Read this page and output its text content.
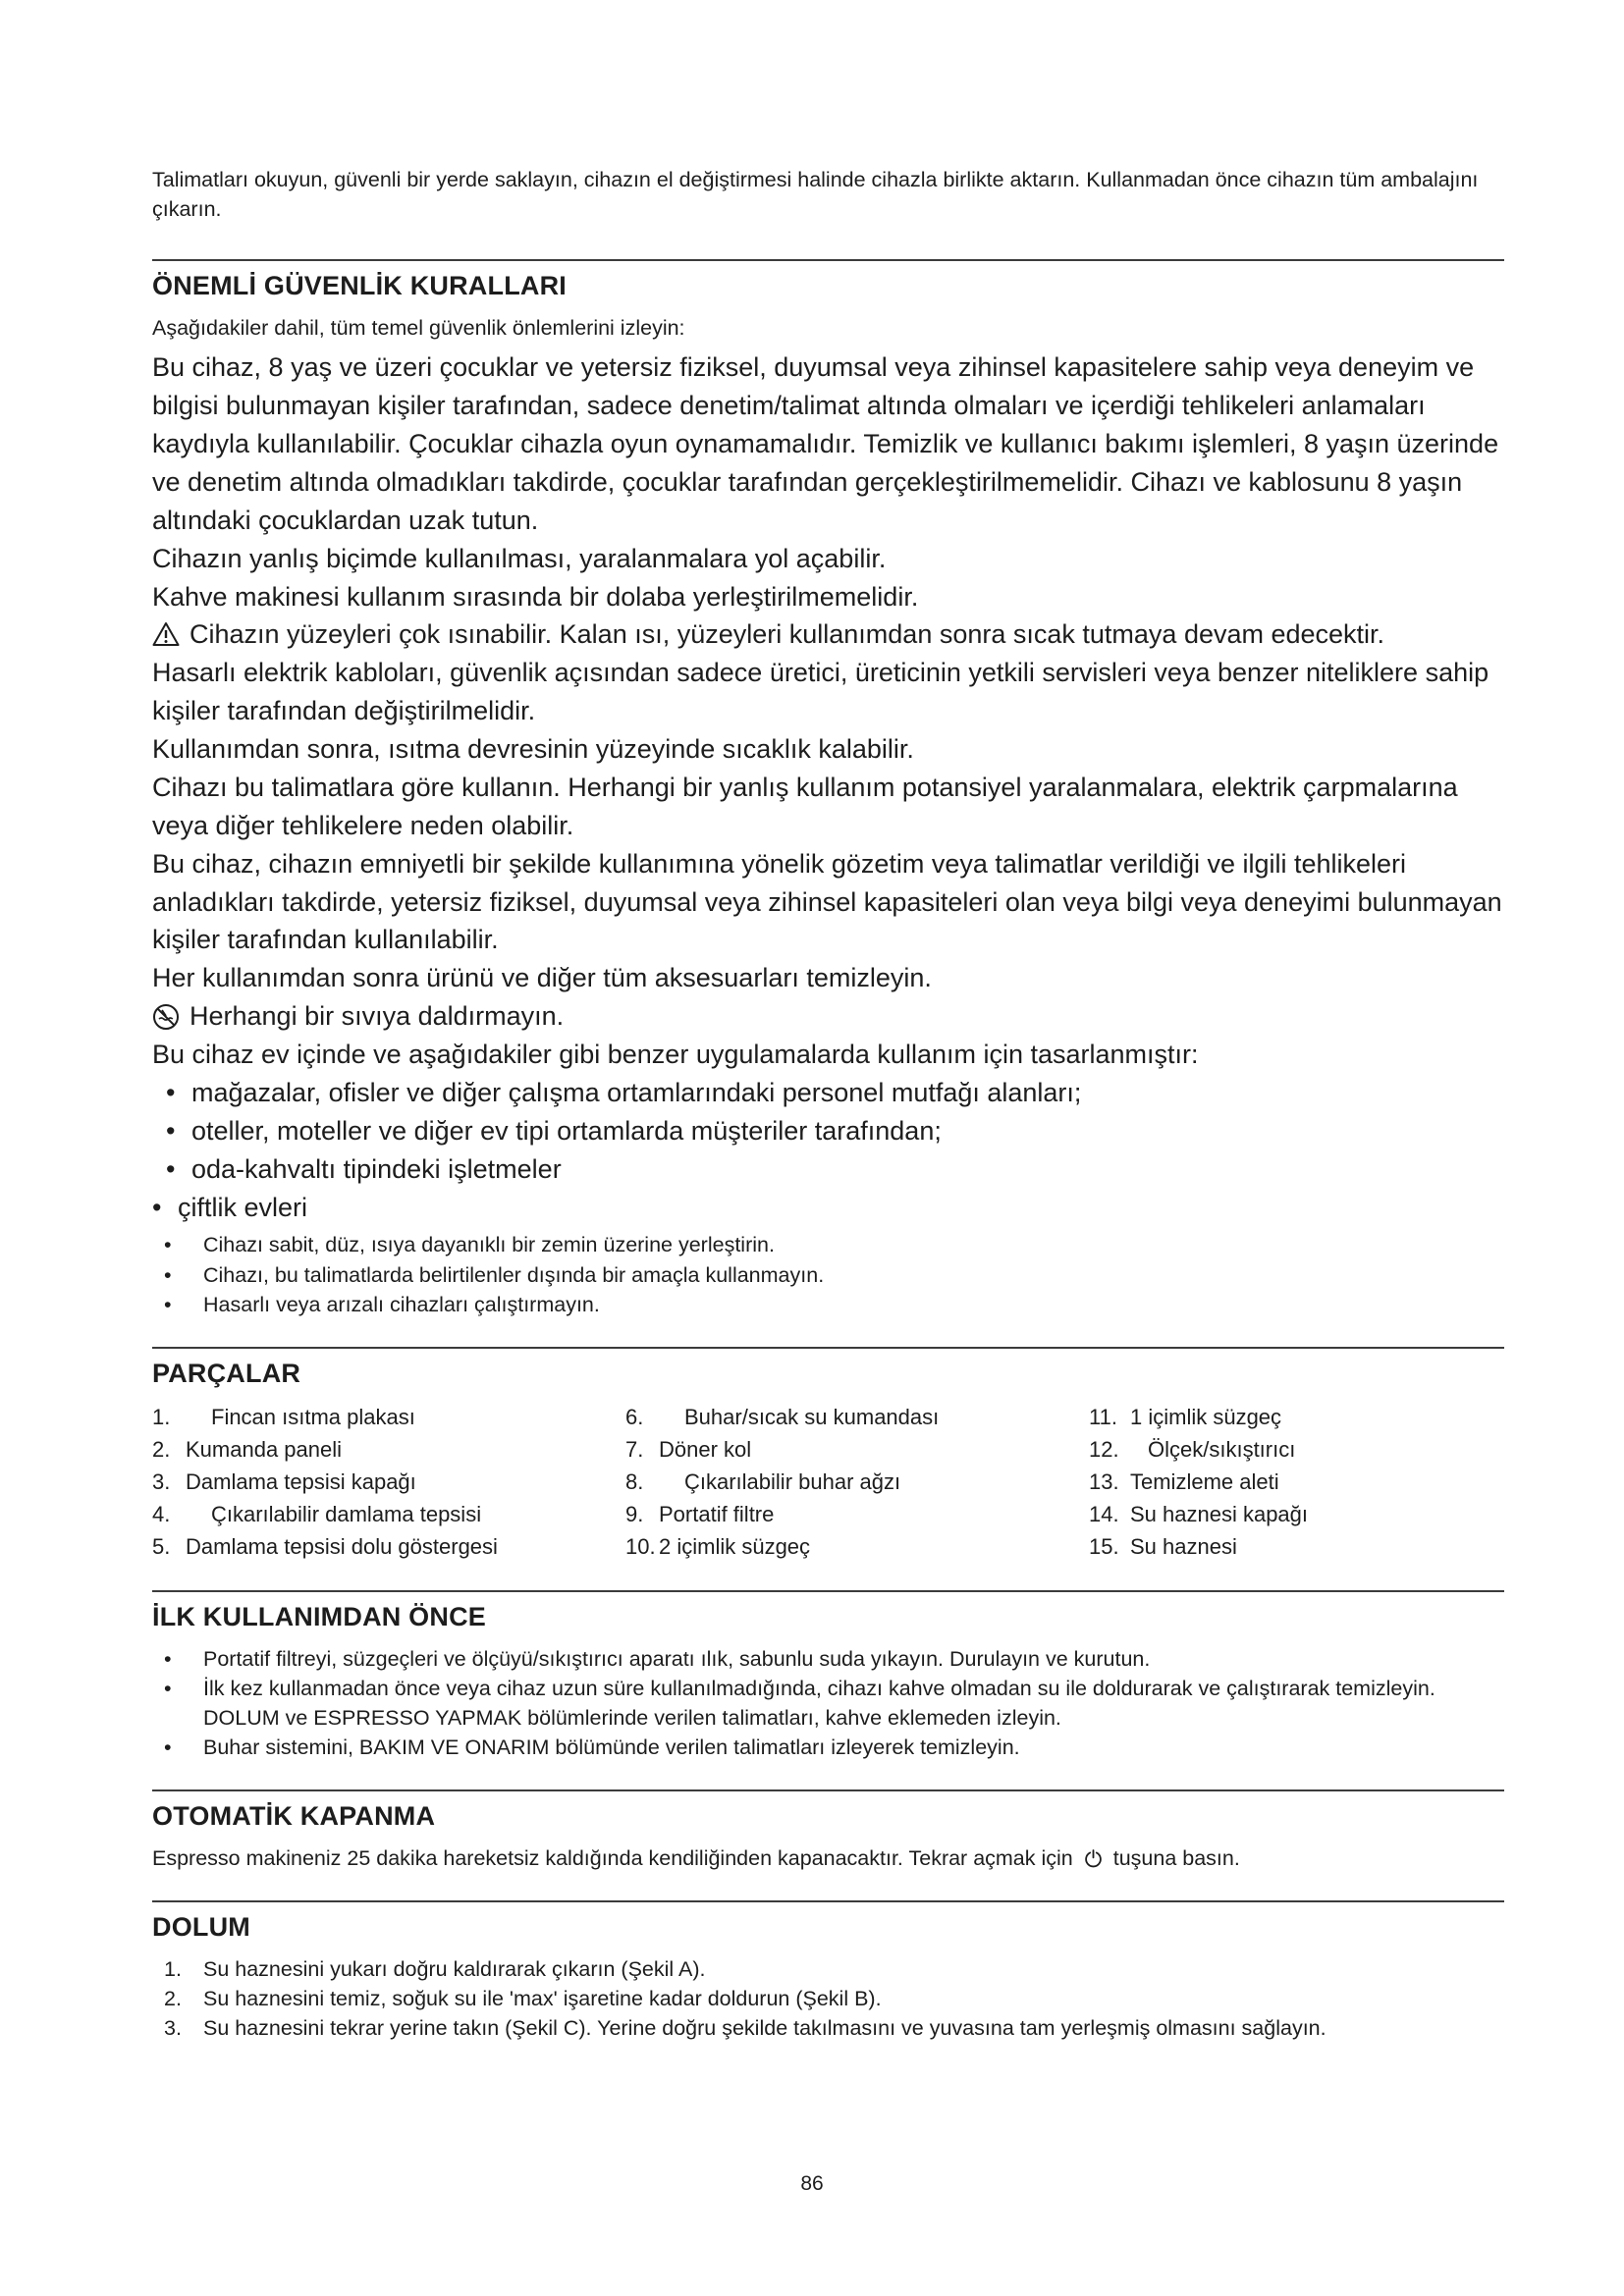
Talimatları okuyun, güvenli bir yerde saklayın, cihazın el değiştirmesi halinde cihazla birlikte aktarın. Kullanmadan önce cihazın tüm ambalajını çıkarın.

ÖNEMLİ GÜVENLİK KURALLARI

Aşağıdakiler dahil, tüm temel güvenlik önlemlerini izleyin:

Bu cihaz, 8 yaş ve üzeri çocuklar ve yetersiz fiziksel, duyumsal veya zihinsel kapasitelere sahip veya deneyim ve bilgisi bulunmayan kişiler tarafından, sadece denetim/talimat altında olmaları ve içerdiği tehlikeleri anlamaları kaydıyla kullanılabilir. Çocuklar cihazla oyun oynamamalıdır. Temizlik ve kullanıcı bakımı işlemleri, 8 yaşın üzerinde ve denetim altında olmadıkları takdirde, çocuklar tarafından gerçekleştirilmemelidir. Cihazı ve kablosunu 8 yaşın altındaki çocuklardan uzak tutun.

Cihazın yanlış biçimde kullanılması, yaralanmalara yol açabilir.

Kahve makinesi kullanım sırasında bir dolaba yerleştirilmemelidir.

Cihazın yüzeyleri çok ısınabilir. Kalan ısı, yüzeyleri kullanımdan sonra sıcak tutmaya devam edecektir.

Hasarlı elektrik kabloları, güvenlik açısından sadece üretici, üreticinin yetkili servisleri veya benzer niteliklere sahip kişiler tarafından değiştirilmelidir.

Kullanımdan sonra, ısıtma devresinin yüzeyinde sıcaklık kalabilir.

Cihazı bu talimatlara göre kullanın. Herhangi bir yanlış kullanım potansiyel yaralanmalara, elektrik çarpmalarına veya diğer tehlikelere neden olabilir.

Bu cihaz, cihazın emniyetli bir şekilde kullanımına yönelik gözetim veya talimatlar verildiği ve ilgili tehlikeleri anladıkları takdirde, yetersiz fiziksel, duyumsal veya zihinsel kapasiteleri olan veya bilgi veya deneyimi bulunmayan kişiler tarafından kullanılabilir.

Her kullanımdan sonra ürünü ve diğer tüm aksesuarları temizleyin.

Herhangi bir sıvıya daldırmayın.

Bu cihaz ev içinde ve aşağıdakiler gibi benzer uygulamalarda kullanım için tasarlanmıştır:

• mağazalar, ofisler ve diğer çalışma ortamlarındaki personel mutfağı alanları;
• oteller, moteller ve diğer ev tipi ortamlarda müşteriler tarafından;
• oda-kahvaltı tipindeki işletmeler
• çiftlik evleri
•	Cihazı sabit, düz, ısıya dayanıklı bir zemin üzerine yerleştirin.
•	Cihazı, bu talimatlarda belirtilenler dışında bir amaçla kullanmayın.
•	Hasarlı veya arızalı cihazları çalıştırmayın.
PARÇALAR
1.	Fincan ısıtma plakası
2. Kumanda paneli
3. Damlama tepsisi kapağı
4.	Çıkarılabilir damlama tepsisi
5. Damlama tepsisi dolu göstergesi
6.	Buhar/sıcak su kumandası
7. Döner kol
8.	Çıkarılabilir buhar ağzı
9. Portatif filtre
10. 2 içimlik süzgeç
11. 1 içimlik süzgeç
12.	Ölçek/sıkıştırıcı
13. Temizleme aleti
14. Su haznesi kapağı
15. Su haznesi
İLK KULLANIMDAN ÖNCE
•	Portatif filtreyi, süzgeçleri ve ölçüyü/sıkıştırıcı aparatı ılık, sabunlu suda yıkayın. Durulayın ve kurutun.
•	İlk kez kullanmadan önce veya cihaz uzun süre kullanılmadığında, cihazı kahve olmadan su ile doldurarak ve çalıştırarak temizleyin. DOLUM ve ESPRESSO YAPMAK bölümlerinde verilen talimatları, kahve eklemeden izleyin.
•	Buhar sistemini, BAKIM VE ONARIM bölümünde verilen talimatları izleyerek temizleyin.
OTOMATİK KAPANMA

Espresso makineniz 25 dakika hareketsiz kaldığında kendiliğinden kapanacaktır. Tekrar açmak için tuşuna basın.

DOLUM
1.	Su haznesini yukarı doğru kaldırarak çıkarın (Şekil A).
2.	Su haznesini temiz, soğuk su ile 'max' işaretine kadar doldurun (Şekil B).
3.	Su haznesini tekrar yerine takın (Şekil C). Yerine doğru şekilde takılmasını ve yuvasına tam yerleşmiş olmasını sağlayın.
86
